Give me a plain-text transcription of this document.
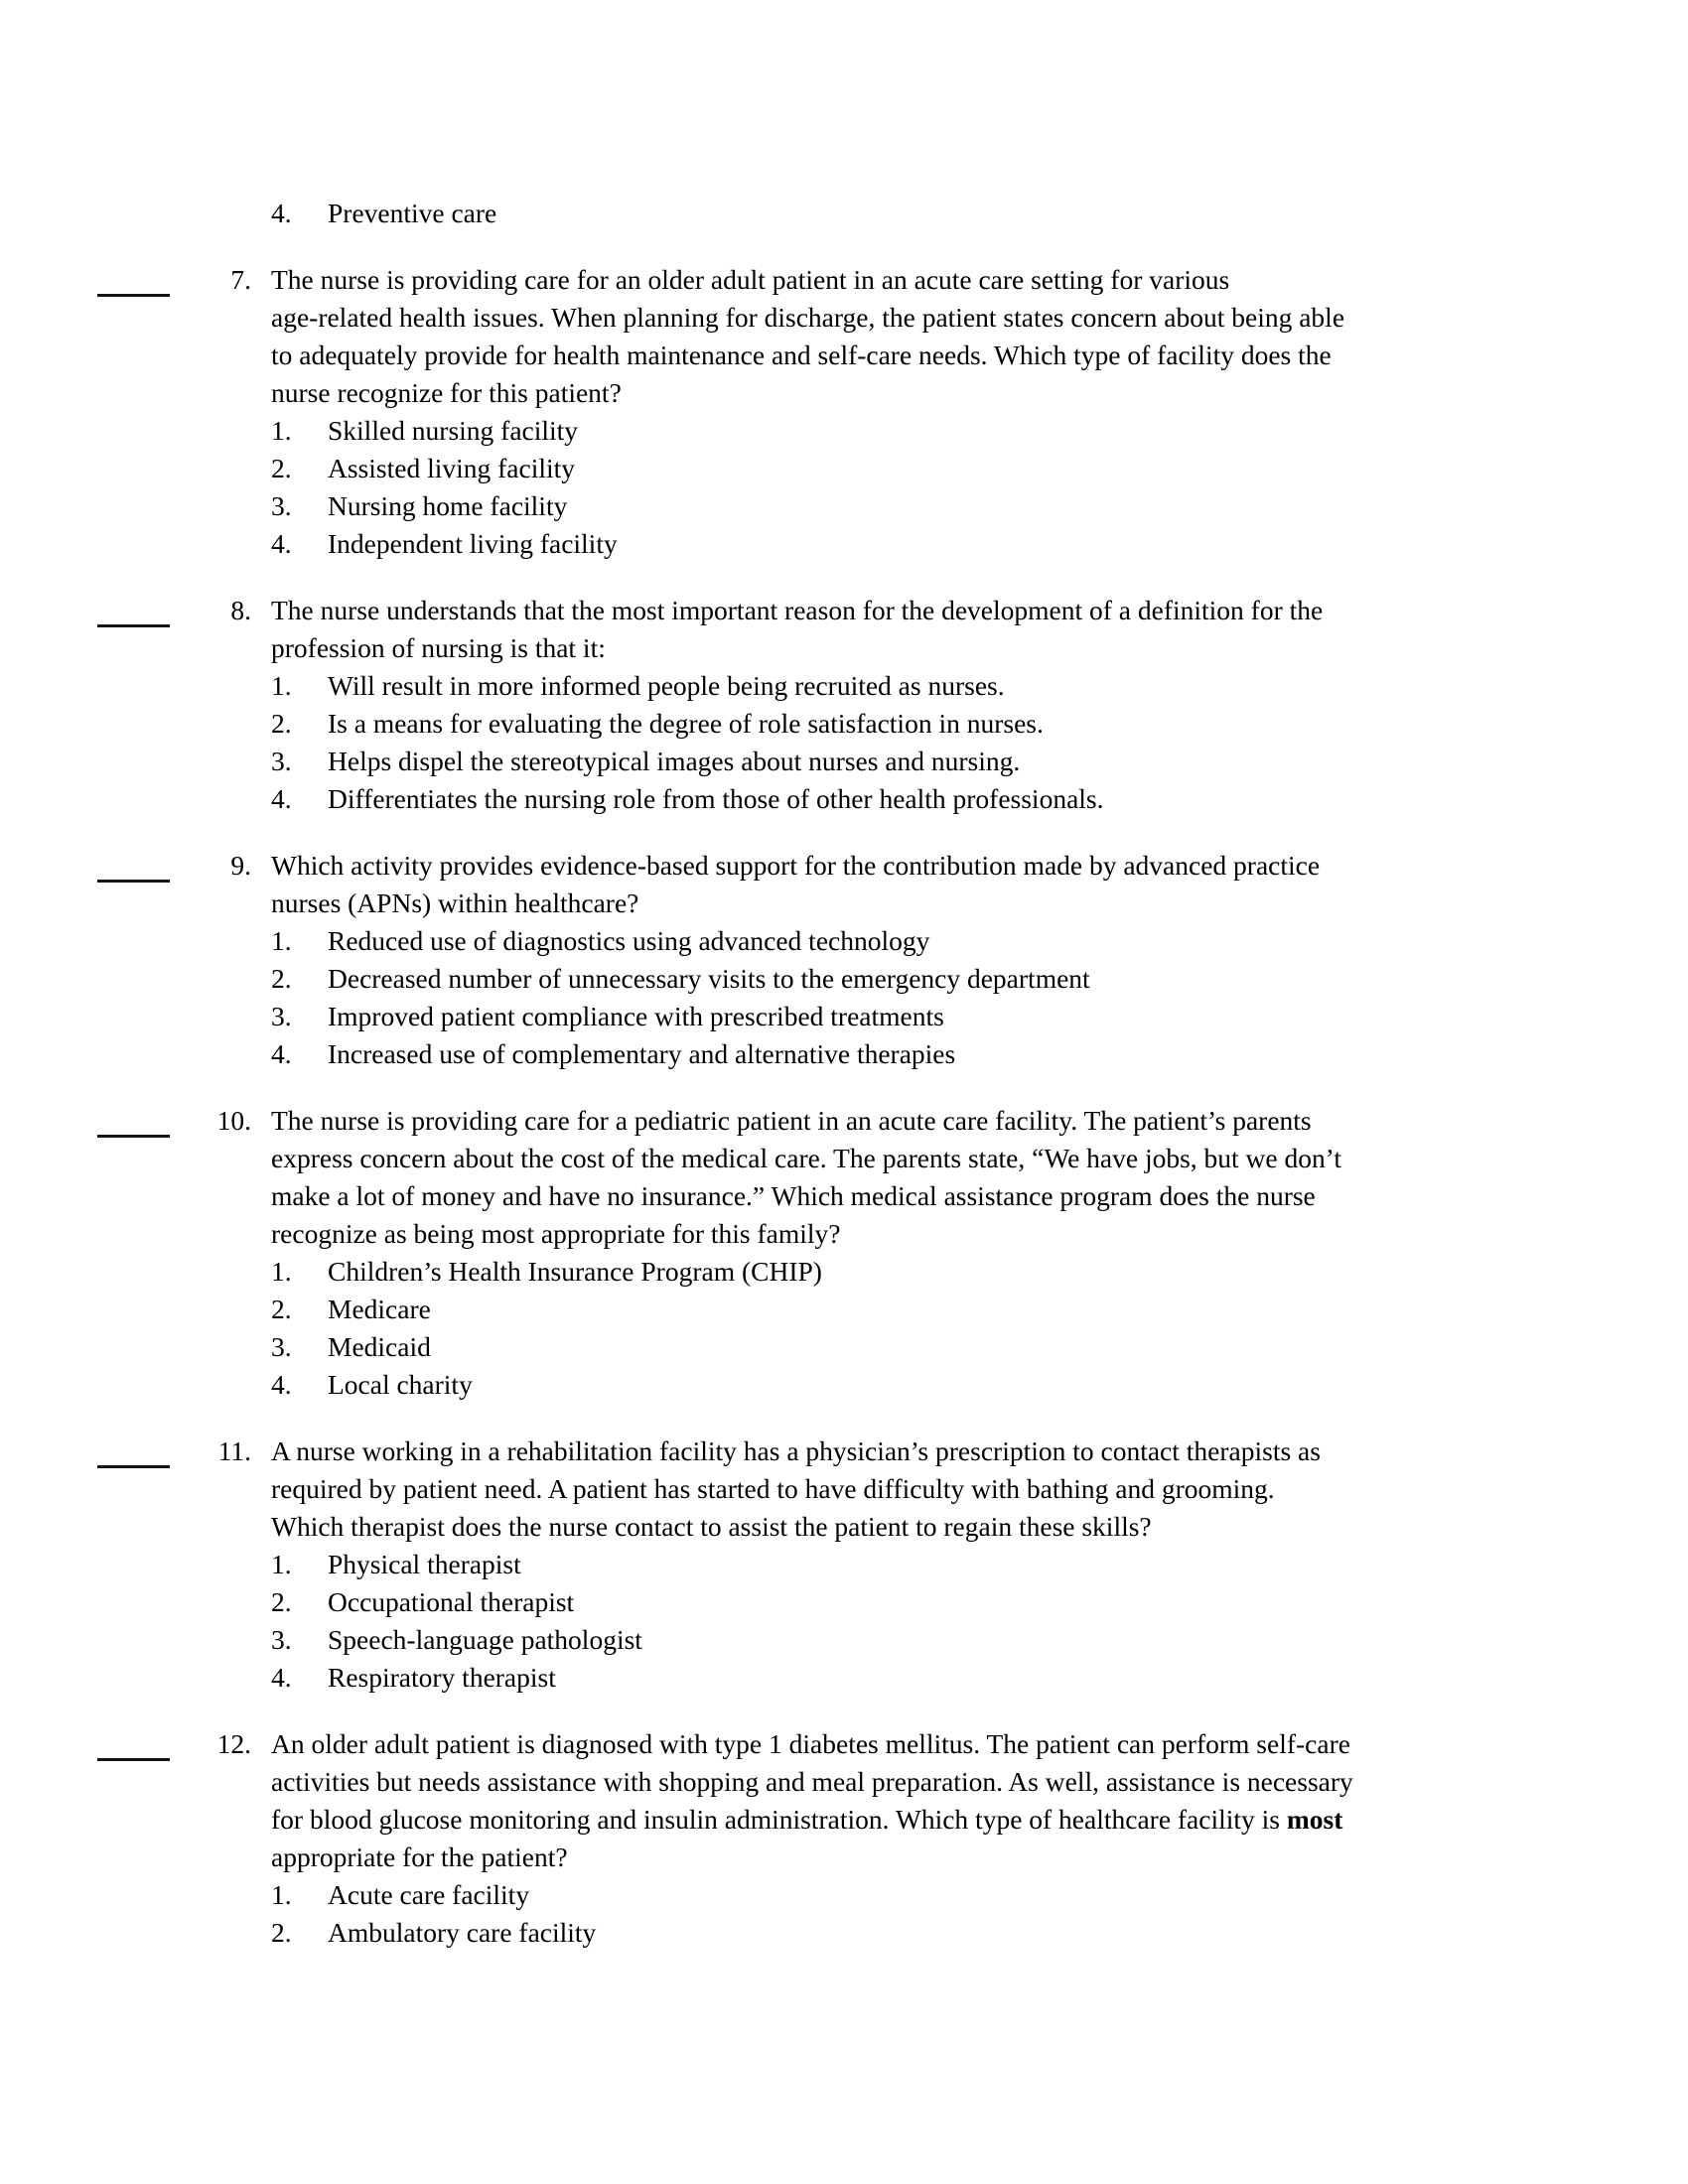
4. Preventive care
7. The nurse is providing care for an older adult patient in an acute care setting for various
age-related health issues. When planning for discharge, the patient states concern about being able
to adequately provide for health maintenance and self-care needs. Which type of facility does the
nurse recognize for this patient?
1. Skilled nursing facility
2. Assisted living facility
3. Nursing home facility
4. Independent living facility
8. The nurse understands that the most important reason for the development of a definition for the
profession of nursing is that it:
1. Will result in more informed people being recruited as nurses.
2. Is a means for evaluating the degree of role satisfaction in nurses.
3. Helps dispel the stereotypical images about nurses and nursing.
4. Differentiates the nursing role from those of other health professionals.
9. Which activity provides evidence-based support for the contribution made by advanced practice
nurses (APNs) within healthcare?
1. Reduced use of diagnostics using advanced technology
2. Decreased number of unnecessary visits to the emergency department
3. Improved patient compliance with prescribed treatments
4. Increased use of complementary and alternative therapies
10. The nurse is providing care for a pediatric patient in an acute care facility. The patient’s parents
express concern about the cost of the medical care. The parents state, “We have jobs, but we don’t
make a lot of money and have no insurance.” Which medical assistance program does the nurse
recognize as being most appropriate for this family?
1. Children’s Health Insurance Program (CHIP)
2. Medicare
3. Medicaid
4. Local charity
11. A nurse working in a rehabilitation facility has a physician’s prescription to contact therapists as
required by patient need. A patient has started to have difficulty with bathing and grooming.
Which therapist does the nurse contact to assist the patient to regain these skills?
1. Physical therapist
2. Occupational therapist
3. Speech-language pathologist
4. Respiratory therapist
12. An older adult patient is diagnosed with type 1 diabetes mellitus. The patient can perform self-care
activities but needs assistance with shopping and meal preparation. As well, assistance is necessary
for blood glucose monitoring and insulin administration. Which type of healthcare facility is most
appropriate for the patient?
1. Acute care facility
2. Ambulatory care facility
